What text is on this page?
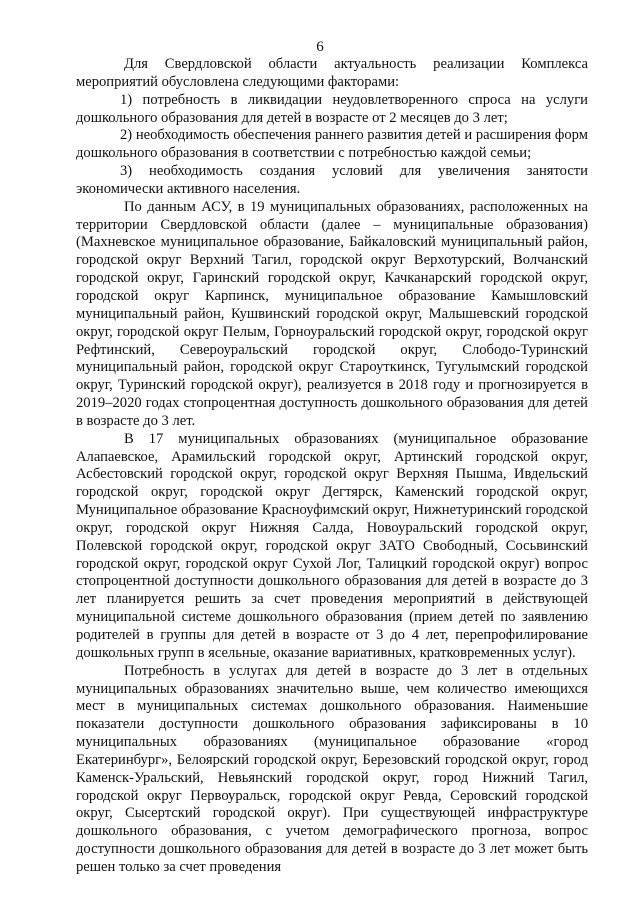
6

Для Свердловской области актуальность реализации Комплекса мероприятий обусловлена следующими факторами:

1) потребность в ликвидации неудовлетворенного спроса на услуги дошкольного образования для детей в возрасте от 2 месяцев до 3 лет;

2) необходимость обеспечения раннего развития детей и расширения форм дошкольного образования в соответствии с потребностью каждой семьи;

3) необходимость создания условий для увеличения занятости экономически активного населения.

По данным АСУ, в 19 муниципальных образованиях, расположенных на территории Свердловской области (далее – муниципальные образования) (Махневское муниципальное образование, Байкаловский муниципальный район, городской округ Верхний Тагил, городской округ Верхотурский, Волчанский городской округ, Гаринский городской округ, Качканарский городской округ, городской округ Карпинск, муниципальное образование Камышловский муниципальный район, Кушвинский городской округ, Малышевский городской округ, городской округ Пелым, Горноуральский городской округ, городской округ Рефтинский, Североуральский городской округ, Слободо-Туринский муниципальный район, городской округ Староуткинск, Тугулымский городской округ, Туринский городской округ), реализуется в 2018 году и прогнозируется в 2019–2020 годах стопроцентная доступность дошкольного образования для детей в возрасте до 3 лет.

В 17 муниципальных образованиях (муниципальное образование Алапаевское, Арамильский городской округ, Артинский городской округ, Асбестовский городской округ, городской округ Верхняя Пышма, Ивдельский городской округ, городской округ Дегтярск, Каменский городской округ, Муниципальное образование Красноуфимский округ, Нижнетуринский городской округ, городской округ Нижняя Салда, Новоуральский городской округ, Полевской городской округ, городской округ ЗАТО Свободный, Сосьвинский городской округ, городской округ Сухой Лог, Талицкий городской округ) вопрос стопроцентной доступности дошкольного образования для детей в возрасте до 3 лет планируется решить за счет проведения мероприятий в действующей муниципальной системе дошкольного образования (прием детей по заявлению родителей в группы для детей в возрасте от 3 до 4 лет, перепрофилирование дошкольных групп в ясельные, оказание вариативных, кратковременных услуг).

Потребность в услугах для детей в возрасте до 3 лет в отдельных муниципальных образованиях значительно выше, чем количество имеющихся мест в муниципальных системах дошкольного образования. Наименьшие показатели доступности дошкольного образования зафиксированы в 10 муниципальных образованиях (муниципальное образование «город Екатеринбург», Белоярский городской округ, Березовский городской округ, город Каменск-Уральский, Невьянский городской округ, город Нижний Тагил, городской округ Первоуральск, городской округ Ревда, Серовский городской округ, Сысертский городской округ). При существующей инфраструктуре дошкольного образования, с учетом демографического прогноза, вопрос доступности дошкольного образования для детей в возрасте до 3 лет может быть решен только за счет проведения
